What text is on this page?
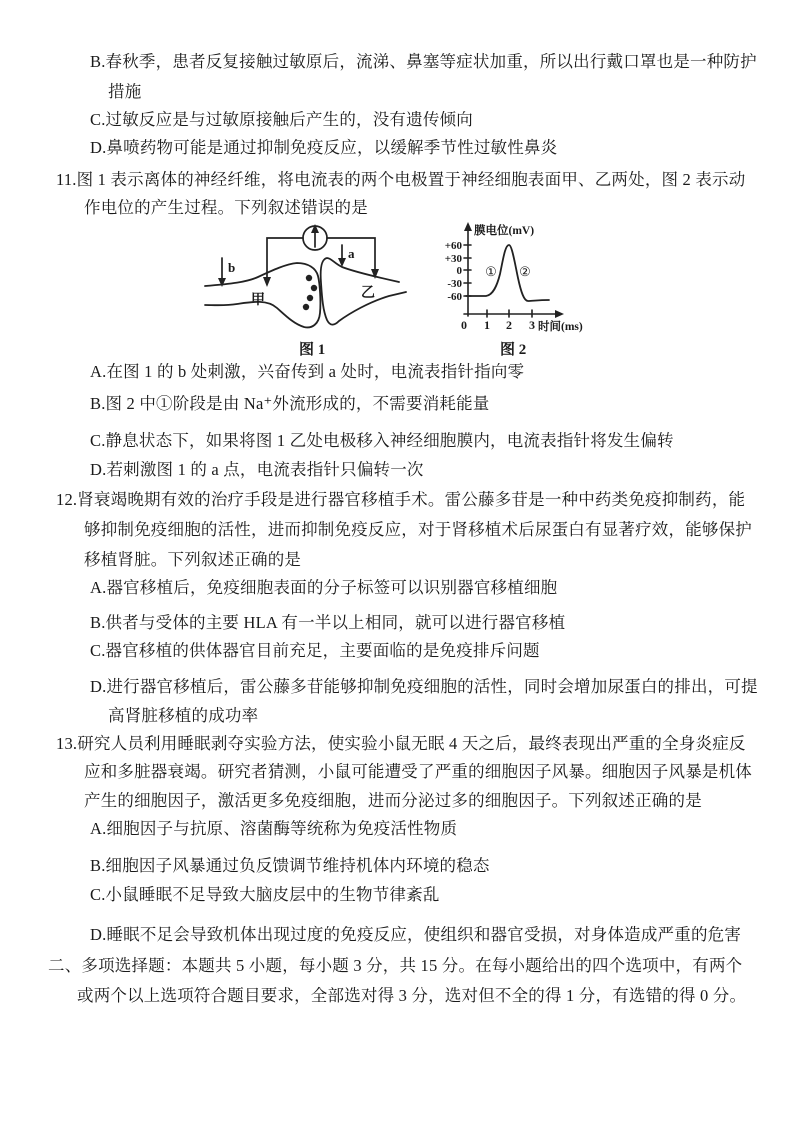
B.春秋季，患者反复接触过敏原后，流涕、鼻塞等症状加重，所以出行戴口罩也是一种防护
措施
C.过敏反应是与过敏原接触后产生的，没有遗传倾向
D.鼻喷药物可能是通过抑制免疫反应，以缓解季节性过敏性鼻炎
11.图 1 表示离体的神经纤维，将电流表的两个电极置于神经细胞表面甲、乙两处，图 2 表示动
作电位的产生过程。下列叙述错误的是
b
a
甲	乙
图 1
膜电位(mV)
+60
+30
0
-30
-60
0 1 2 3 时间(ms)
① ②
图 2
A.在图 1 的 b 处刺激，兴奋传到 a 处时，电流表指针指向零
B.图 2 中①阶段是由 Na⁺外流形成的，不需要消耗能量
C.静息状态下，如果将图 1 乙处电极移入神经细胞膜内，电流表指针将发生偏转
D.若刺激图 1 的 a 点，电流表指针只偏转一次
12.肾衰竭晚期有效的治疗手段是进行器官移植手术。雷公藤多苷是一种中药类免疫抑制药，能
够抑制免疫细胞的活性，进而抑制免疫反应，对于肾移植术后尿蛋白有显著疗效，能够保护
移植肾脏。下列叙述正确的是
A.器官移植后，免疫细胞表面的分子标签可以识别器官移植细胞
B.供者与受体的主要 HLA 有一半以上相同，就可以进行器官移植
C.器官移植的供体器官目前充足，主要面临的是免疫排斥问题
D.进行器官移植后，雷公藤多苷能够抑制免疫细胞的活性，同时会增加尿蛋白的排出，可提
高肾脏移植的成功率
13.研究人员利用睡眠剥夺实验方法，使实验小鼠无眠 4 天之后，最终表现出严重的全身炎症反
应和多脏器衰竭。研究者猜测，小鼠可能遭受了严重的细胞因子风暴。细胞因子风暴是机体
产生的细胞因子，激活更多免疫细胞，进而分泌过多的细胞因子。下列叙述正确的是
A.细胞因子与抗原、溶菌酶等统称为免疫活性物质
B.细胞因子风暴通过负反馈调节维持机体内环境的稳态
C.小鼠睡眠不足导致大脑皮层中的生物节律紊乱
D.睡眠不足会导致机体出现过度的免疫反应，使组织和器官受损，对身体造成严重的危害
二、多项选择题：本题共 5 小题，每小题 3 分，共 15 分。在每小题给出的四个选项中，有两个
或两个以上选项符合题目要求，全部选对得 3 分，选对但不全的得 1 分，有选错的得 0 分。
